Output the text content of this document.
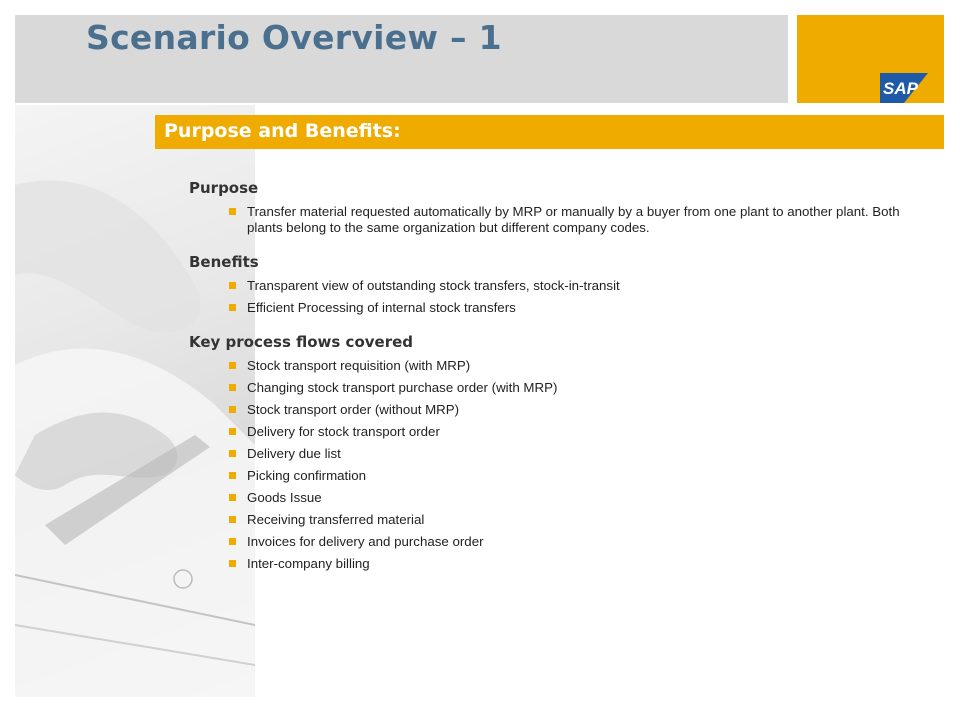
Scenario Overview – 1
SAP
Purpose and Benefits:
Purpose
Transfer material requested automatically by MRP or manually by a buyer from one plant to another plant. Both plants belong to the same organization but different company codes.
Benefits
Transparent view of outstanding stock transfers, stock-in-transit
Efficient Processing of internal stock transfers
Key process flows covered
Stock transport requisition (with MRP)
Changing stock transport purchase order (with MRP)
Stock transport order (without MRP)
Delivery for stock transport order
Delivery due list
Picking confirmation
Goods Issue
Receiving transferred material
Invoices for delivery and purchase order
Inter-company billing
